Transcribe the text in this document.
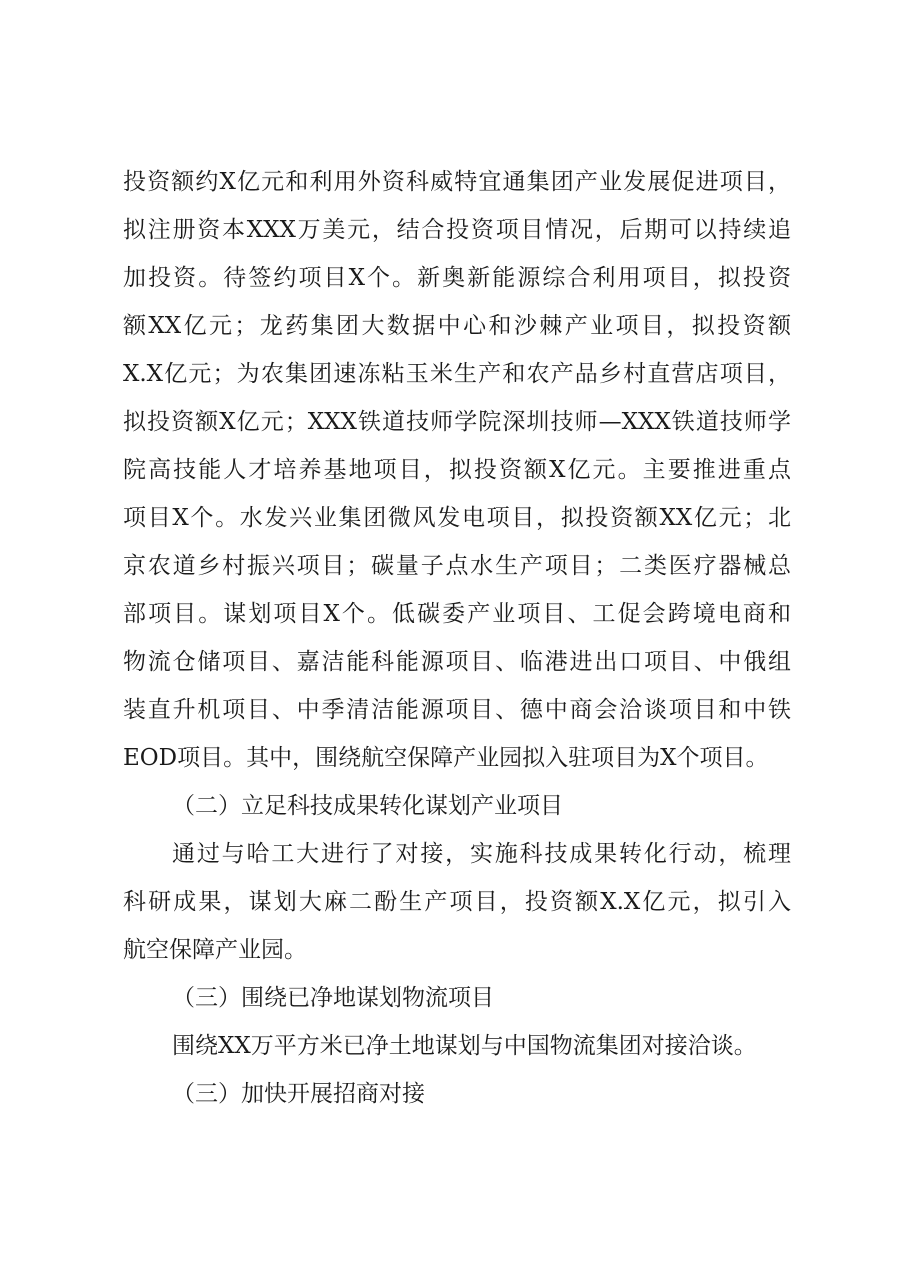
投资额约X亿元和利用外资科威特宜通集团产业发展促进项目，
拟注册资本XXX万美元，结合投资项目情况，后期可以持续追
加投资。待签约项目X个。新奥新能源综合利用项目，拟投资
额XX亿元；龙药集团大数据中心和沙棘产业项目，拟投资额
X.X亿元；为农集团速冻粘玉米生产和农产品乡村直营店项目，
拟投资额X亿元；XXX铁道技师学院深圳技师—XXX铁道技师学
院高技能人才培养基地项目，拟投资额X亿元。主要推进重点
项目X个。水发兴业集团微风发电项目，拟投资额XX亿元；北
京农道乡村振兴项目；碳量子点水生产项目；二类医疗器械总
部项目。谋划项目X个。低碳委产业项目、工促会跨境电商和
物流仓储项目、嘉洁能科能源项目、临港进出口项目、中俄组
装直升机项目、中季清洁能源项目、德中商会洽谈项目和中铁
EOD项目。其中，围绕航空保障产业园拟入驻项目为X个项目。
（二）立足科技成果转化谋划产业项目
通过与哈工大进行了对接，实施科技成果转化行动，梳理
科研成果，谋划大麻二酚生产项目，投资额X.X亿元，拟引入
航空保障产业园。
（三）围绕已净地谋划物流项目
围绕XX万平方米已净土地谋划与中国物流集团对接洽谈。
（三）加快开展招商对接
